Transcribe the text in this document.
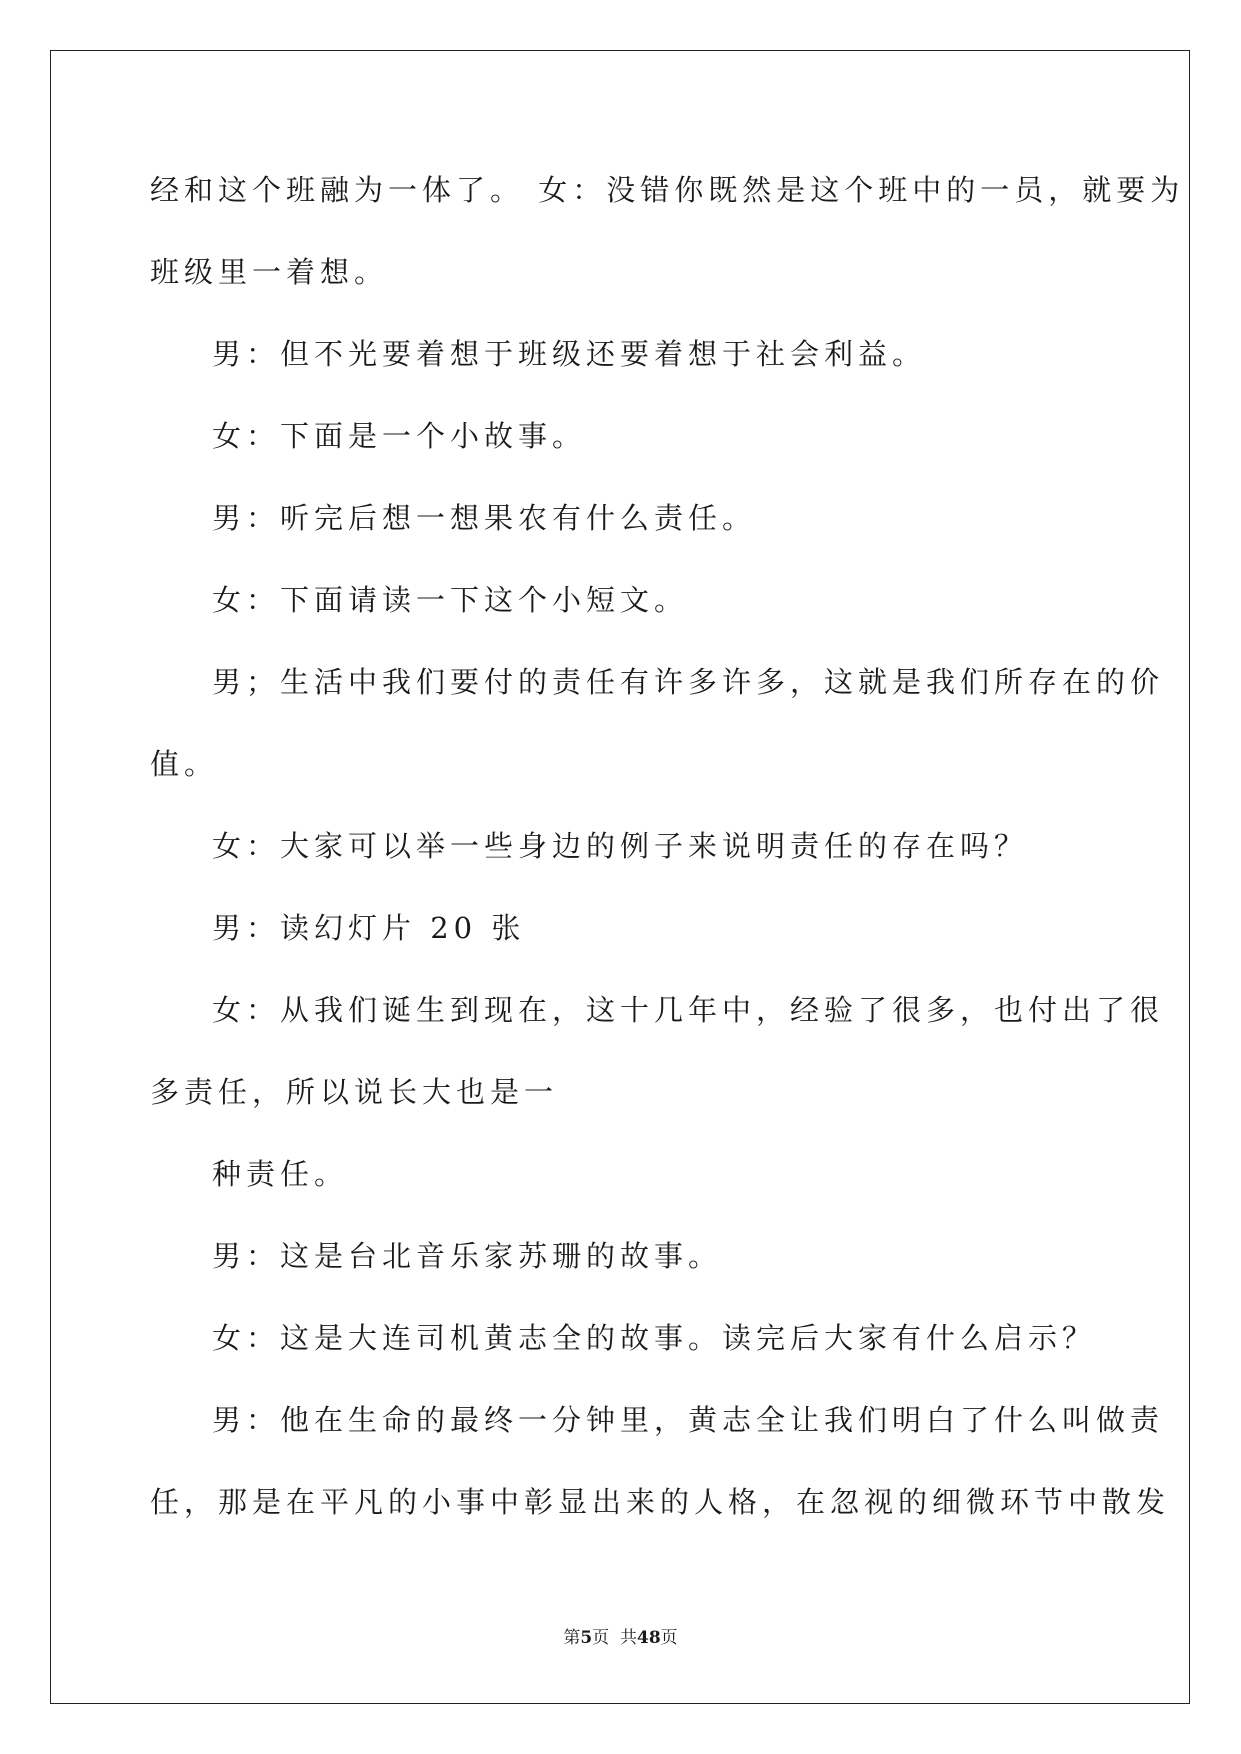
经和这个班融为一体了。 女：没错你既然是这个班中的一员，就要为
班级里一着想。
男：但不光要着想于班级还要着想于社会利益。
女：下面是一个小故事。
男：听完后想一想果农有什么责任。
女：下面请读一下这个小短文。
男；生活中我们要付的责任有许多许多，这就是我们所存在的价
值。
女：大家可以举一些身边的例子来说明责任的存在吗？
男：读幻灯片 20 张
女：从我们诞生到现在，这十几年中，经验了很多，也付出了很
多责任，所以说长大也是一
种责任。
男：这是台北音乐家苏珊的故事。
女：这是大连司机黄志全的故事。读完后大家有什么启示？
男：他在生命的最终一分钟里，黄志全让我们明白了什么叫做责
任，那是在平凡的小事中彰显出来的人格，在忽视的细微环节中散发
第5页  共48页
